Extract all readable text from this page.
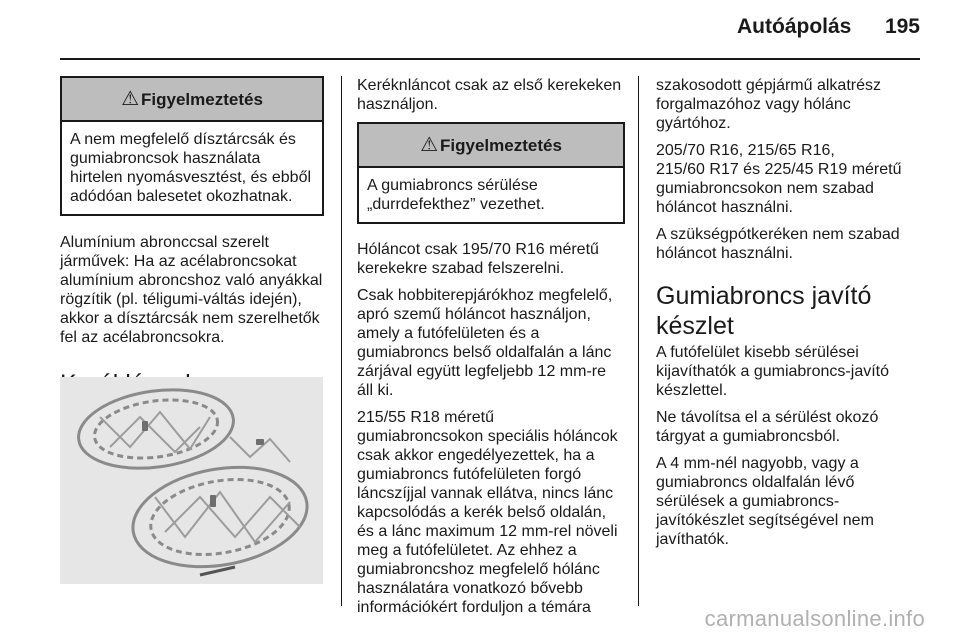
Autóápolás	195
⚠ Figyelmeztetés
A nem megfelelő dísztárcsák és
gumiabroncsok használata
hirtelen nyomásvesztést, és ebből
adódóan balesetet okozhatnak.

Alumínium abronccsal szerelt
járművek: Ha az acélabroncsokat
alumínium abroncshoz való anyákkal
rögzítik (pl. téligumi-váltás idején),
akkor a dísztárcsák nem szerelhetők
fel az acélabroncsokra.

Keréknláncot csak az első kerekeken
használjon.

⚠ Figyelmeztetés
A gumiabroncs sérülése
„durrdefekthez” vezethet.

Hóláncot csak 195/70 R16 méretű
kerekekre szabad felszerelni.

Csak hobbiterepjárókhoz megfelelő,
apró szemű hóláncot használjon,
amely a futófelületen és a
gumiabroncs belső oldalfalán a lánc
zárjával együtt legfeljebb 12 mm-re
áll ki.

215/55 R18 méretű
gumiabroncsokon speciális hóláncok
csak akkor engedélyezettek, ha a
gumiabroncs futófelületen forgó
láncszíjjal vannak ellátva, nincs lánc
kapcsolódás a kerék belső oldalán,
és a lánc maximum 12 mm-rel növeli
meg a futófelületet. Az ehhez a
gumiabroncshoz megfelelő hólánc
használatára vonatkozó bővebb
információkért forduljon a témára

szakosodott gépjármű alkatrész
forgalmazóhoz vagy hólánc
gyártóhoz.

205/70 R16, 215/65 R16,
215/60 R17 és 225/45 R19 méretű
gumiabroncsokon nem szabad
hóláncot használni.

A szükségpótkeréken nem szabad
hóláncot használni.

Gumiabroncs javító
készlet

A futófelület kisebb sérülései
kijavíthatók a gumiabroncs-javító
készlettel.

Ne távolítsa el a sérülést okozó
tárgyat a gumiabroncsból.

A 4 mm-nél nagyobb, vagy a
gumiabroncs oldalfalán lévő
sérülések a gumiabroncs-
javítókészlet segítségével nem
javíthatók.

carmanualsonline.info
